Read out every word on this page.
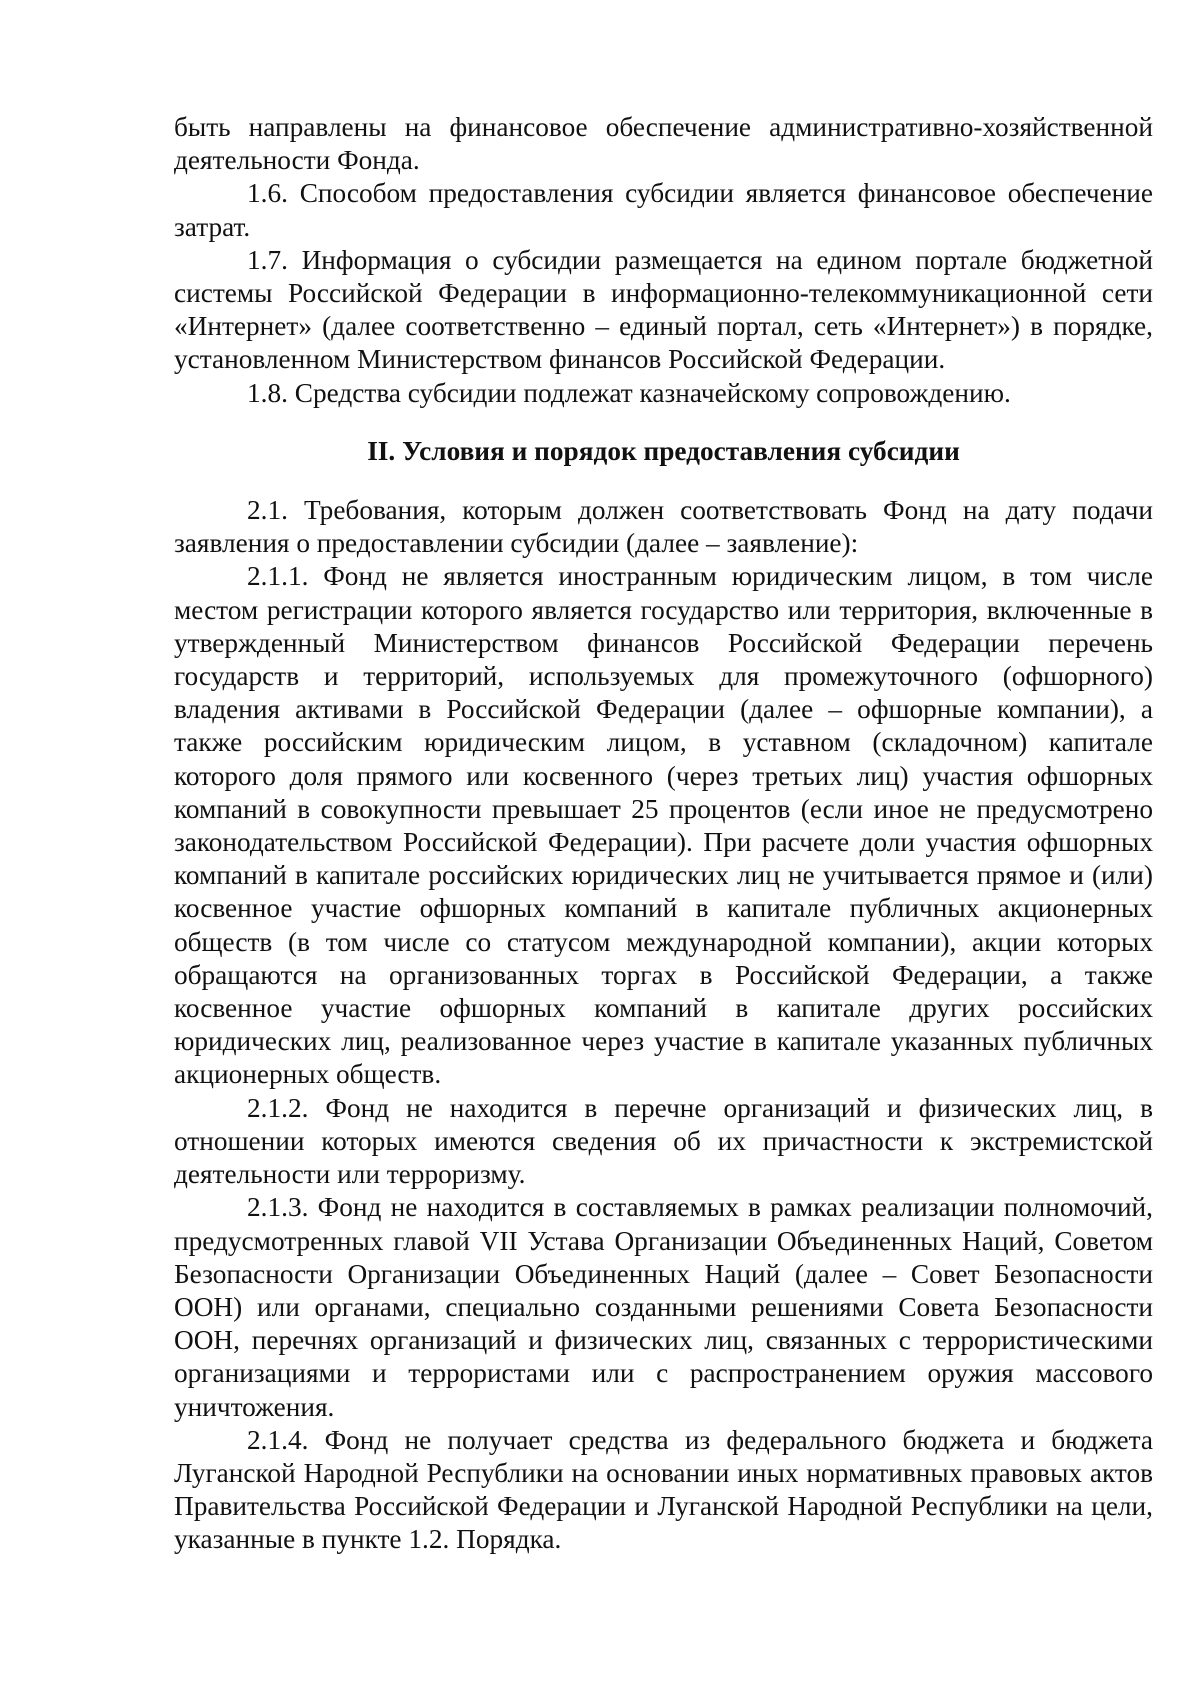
быть направлены на финансовое обеспечение административно-хозяйственной деятельности Фонда.

1.6. Способом предоставления субсидии является финансовое обеспечение затрат.

1.7. Информация о субсидии размещается на едином портале бюджетной системы Российской Федерации в информационно-телекоммуникационной сети «Интернет» (далее соответственно – единый портал, сеть «Интернет») в порядке, установленном Министерством финансов Российской Федерации.

1.8. Средства субсидии подлежат казначейскому сопровождению.

II. Условия и порядок предоставления субсидии

2.1. Требования, которым должен соответствовать Фонд на дату подачи заявления о предоставлении субсидии (далее – заявление):

2.1.1. Фонд не является иностранным юридическим лицом, в том числе местом регистрации которого является государство или территория, включенные в утвержденный Министерством финансов Российской Федерации перечень государств и территорий, используемых для промежуточного (офшорного) владения активами в Российской Федерации (далее – офшорные компании), а также российским юридическим лицом, в уставном (складочном) капитале которого доля прямого или косвенного (через третьих лиц) участия офшорных компаний в совокупности превышает 25 процентов (если иное не предусмотрено законодательством Российской Федерации). При расчете доли участия офшорных компаний в капитале российских юридических лиц не учитывается прямое и (или) косвенное участие офшорных компаний в капитале публичных акционерных обществ (в том числе со статусом международной компании), акции которых обращаются на организованных торгах в Российской Федерации, а также косвенное участие офшорных компаний в капитале других российских юридических лиц, реализованное через участие в капитале указанных публичных акционерных обществ.

2.1.2. Фонд не находится в перечне организаций и физических лиц, в отношении которых имеются сведения об их причастности к экстремистской деятельности или терроризму.

2.1.3. Фонд не находится в составляемых в рамках реализации полномочий, предусмотренных главой VII Устава Организации Объединенных Наций, Советом Безопасности Организации Объединенных Наций (далее – Совет Безопасности ООН) или органами, специально созданными решениями Совета Безопасности ООН, перечнях организаций и физических лиц, связанных с террористическими организациями и террористами или с распространением оружия массового уничтожения.

2.1.4. Фонд не получает средства из федерального бюджета и бюджета Луганской Народной Республики на основании иных нормативных правовых актов Правительства Российской Федерации и Луганской Народной Республики на цели, указанные в пункте 1.2. Порядка.
